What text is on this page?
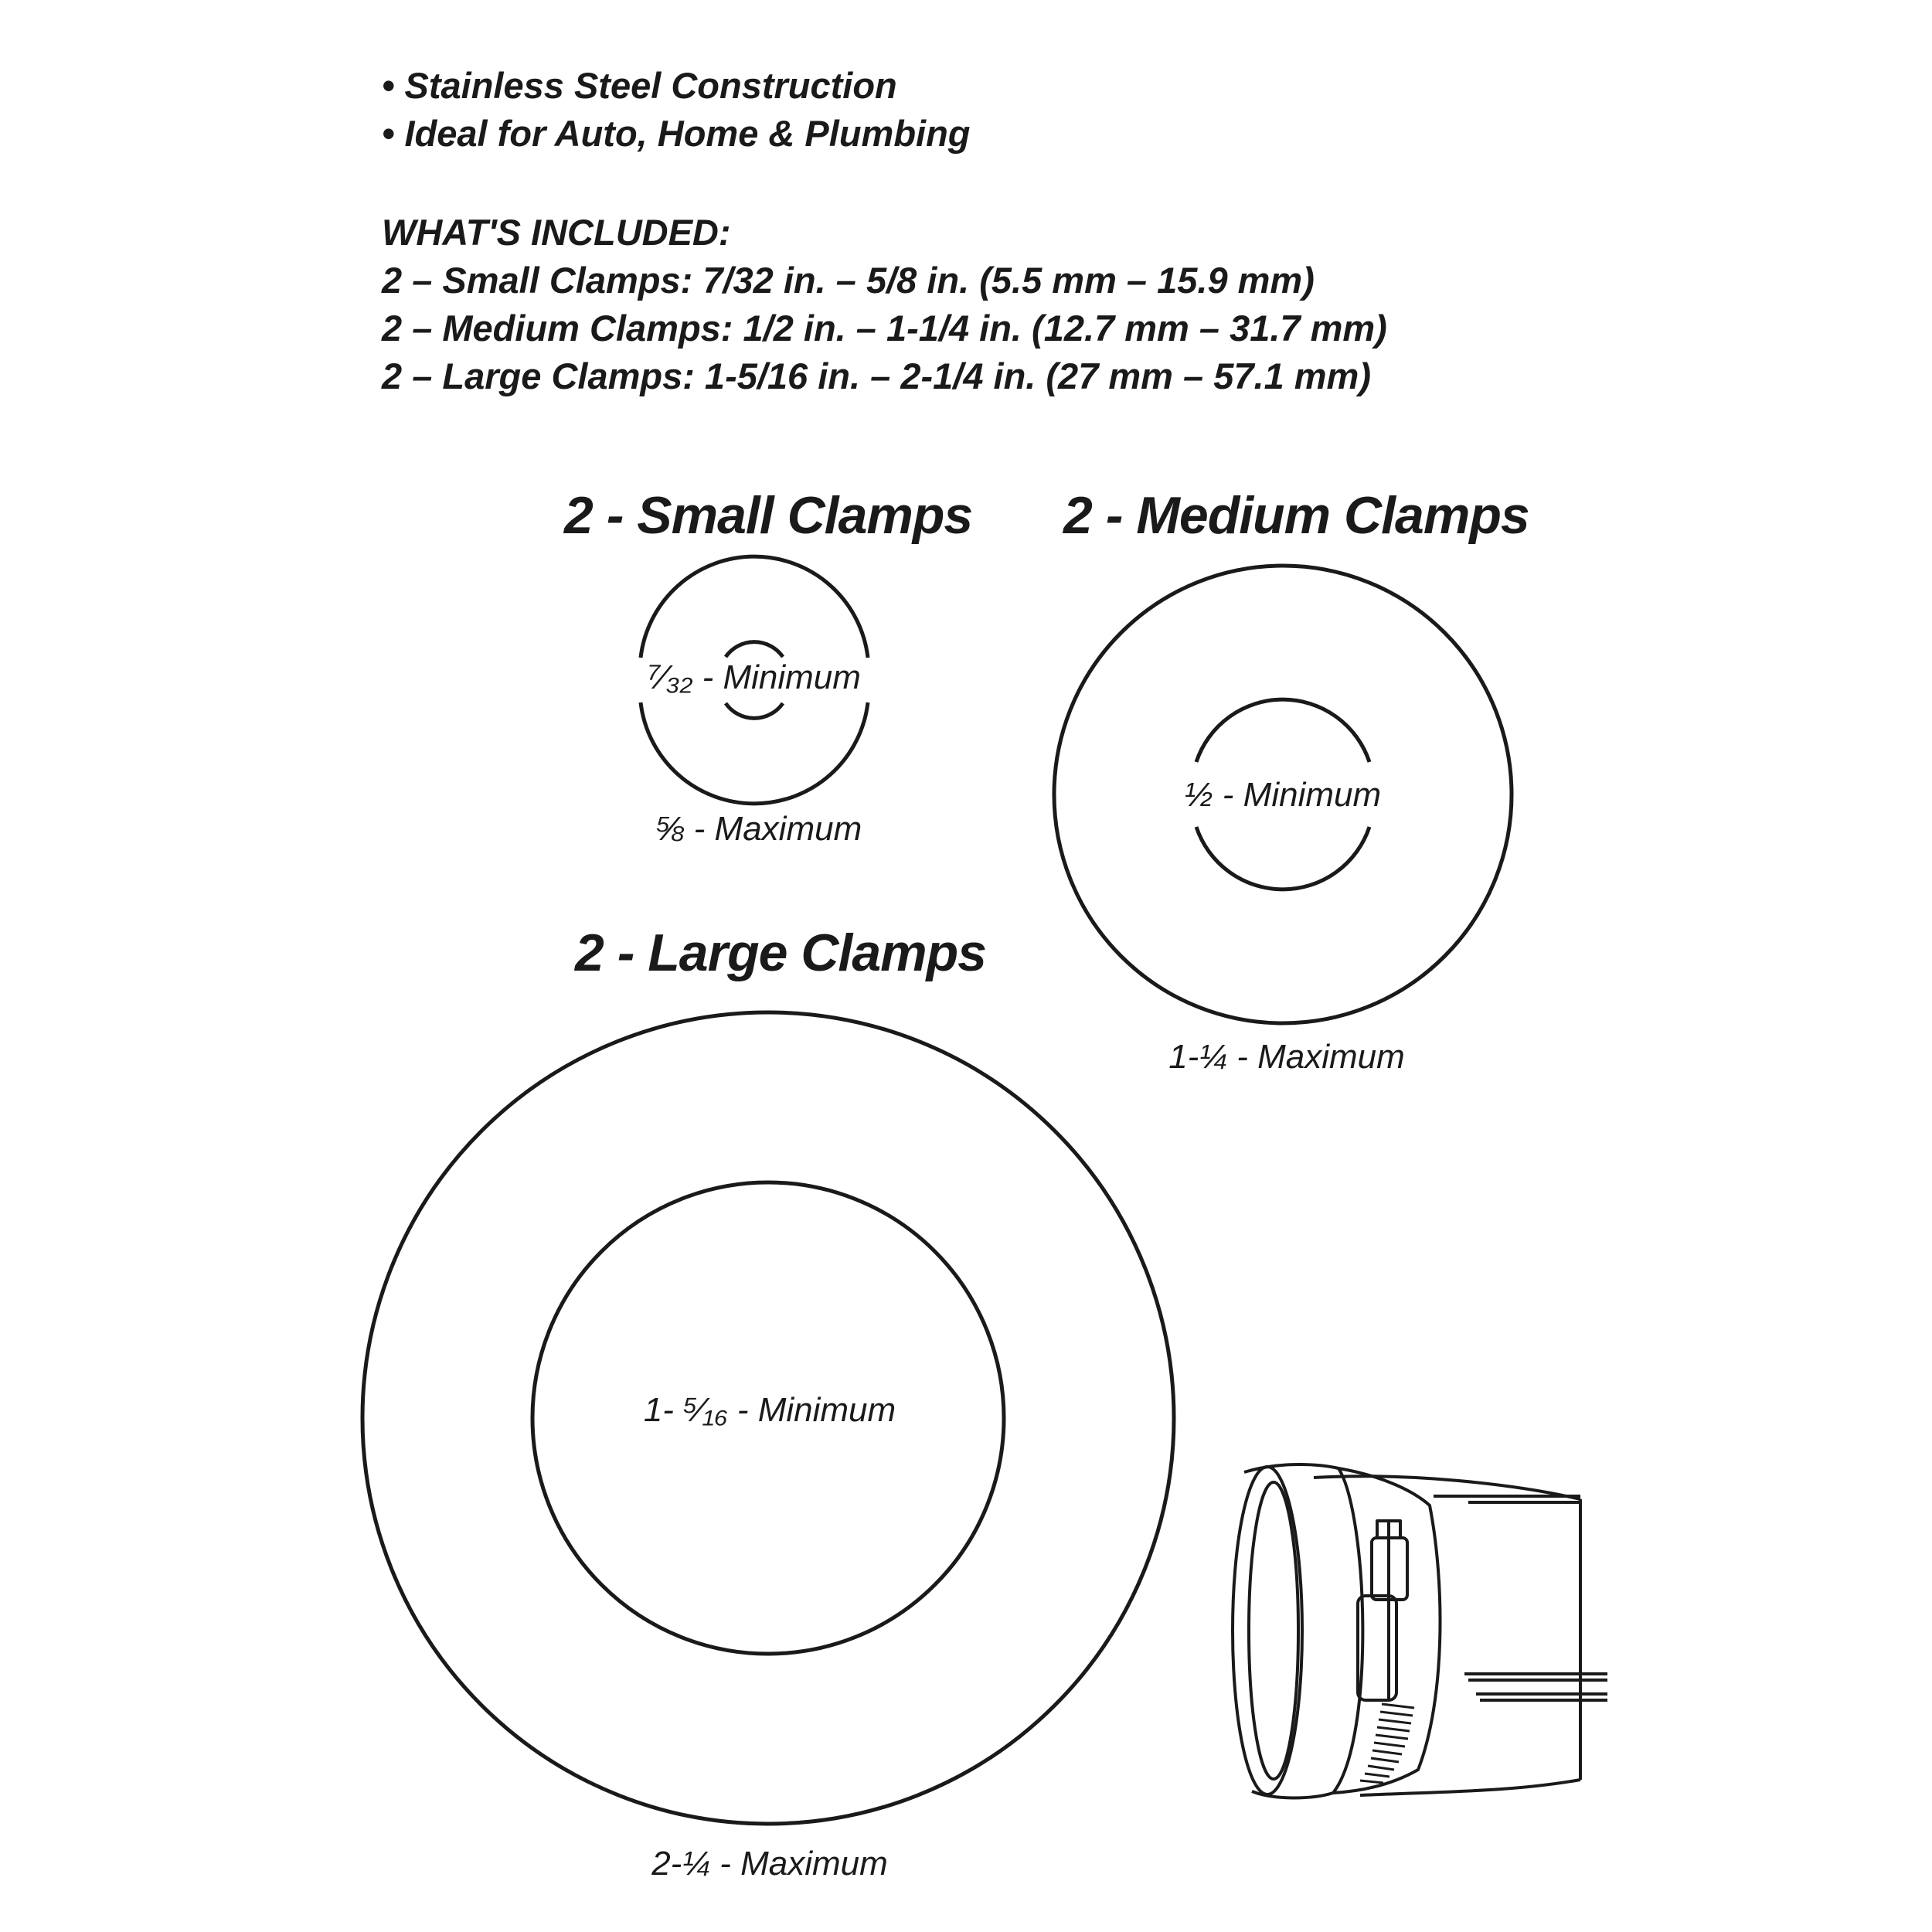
• Stainless Steel Construction
• Ideal for Auto, Home & Plumbing
WHAT'S INCLUDED:
2 – Small Clamps: 7/32 in. – 5/8 in. (5.5 mm – 15.9 mm)
2 – Medium Clamps: 1/2 in. – 1-1/4 in. (12.7 mm – 31.7 mm)
2 – Large Clamps: 1-5/16 in. – 2-1/4 in. (27 mm – 57.1 mm)
2 - Small Clamps 2 - Medium Clamps
2 - Large Clamps
⁷⁄₃₂ - Minimum
⅝ - Maximum
½ - Minimum
1-¼ - Maximum
1- ⁵⁄₁₆ - Minimum
2-¼ - Maximum
